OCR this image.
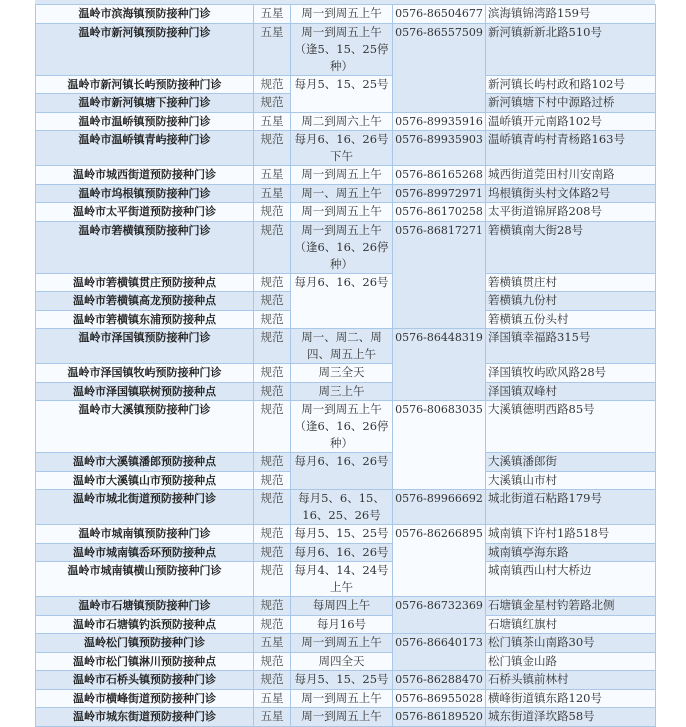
温岭市滨海镇预防接种门诊	五星	周一到周五上午	0576-86504677	滨海镇锦湾路159号
温岭市新河镇预防接种门诊	五星	周一到周五上午（逢5、15、25停种）	0576-86557509	新河镇新新北路510号
温岭市新河镇长屿预防接种门诊	规范	每月5、15、25号		新河镇长屿村政和路102号
温岭市新河镇塘下接种门诊	规范			新河镇塘下村中源路过桥
温岭市温峤镇预防接种门诊	五星	周二到周六上午	0576-89935916	温峤镇开元南路102号
温岭市温峤镇青屿接种门诊	规范	每月6、16、26号下午	0576-89935903	温峤镇青屿村青杨路163号
温岭市城西街道预防接种门诊	五星	周一到周五上午	0576-86165268	城西街道莞田村川安南路
温岭市坞根镇预防接种门诊	五星	周一、周五上午	0576-89972971	坞根镇街头村文体路2号
温岭市太平街道预防接种门诊	规范	周一到周五上午	0576-86170258	太平街道锦屏路208号
温岭市箬横镇预防接种门诊	规范	周一到周五上午（逢6、16、26停种）	0576-86817271	箬横镇南大街28号
温岭市箬横镇贯庄预防接种点	规范	每月6、16、26号		箬横镇贯庄村
温岭市箬横镇高龙预防接种点	规范			箬横镇九份村
温岭市箬横镇东浦预防接种点	规范			箬横镇五份头村
温岭市泽国镇预防接种门诊	规范	周一、周二、周四、周五上午	0576-86448319	泽国镇幸福路315号
温岭市泽国镇牧屿预防接种门诊	规范	周三全天		泽国镇牧屿欧风路28号
温岭市泽国镇联树预防接种点	规范	周三上午		泽国镇双峰村
温岭市大溪镇预防接种门诊	规范	周一到周五上午（逢6、16、26停种）	0576-80683035	大溪镇德明西路85号
温岭市大溪镇潘郎预防接种点	规范	每月6、16、26号		大溪镇潘郎街
温岭市大溪镇山市预防接种点	规范			大溪镇山市村
温岭市城北街道预防接种门诊	规范	每月5、6、15、16、25、26号	0576-89966692	城北街道石粘路179号
温岭市城南镇预防接种门诊	规范	每月5、15、25号	0576-86266895	城南镇下许村1路518号
温岭市城南镇岙环预防接种点	规范	每月6、16、26号		城南镇亭海东路
温岭市城南镇横山预防接种门诊	规范	每月4、14、24号上午		城南镇西山村大桥边
温岭市石塘镇预防接种门诊	规范	每周四上午	0576-86732369	石塘镇金星村钓箬路北侧
温岭市石塘镇钓浜预防接种点	规范	每月16号		石塘镇红旗村
温岭松门镇预防接种门诊	五星	周一到周五上午	0576-86640173	松门镇茶山南路30号
温岭市松门镇淋川预防接种点	规范	周四全天		松门镇金山路
温岭市石桥头镇预防接种门诊	规范	每月5、15、25号	0576-86288470	石桥头镇前林村
温岭市横峰街道预防接种门诊	五星	周一到周五上午	0576-86955028	横峰街道镇东路120号
温岭市城东街道预防接种门诊	五星	周一到周五上午	0576-86189520	城东街道泽坎路58号
